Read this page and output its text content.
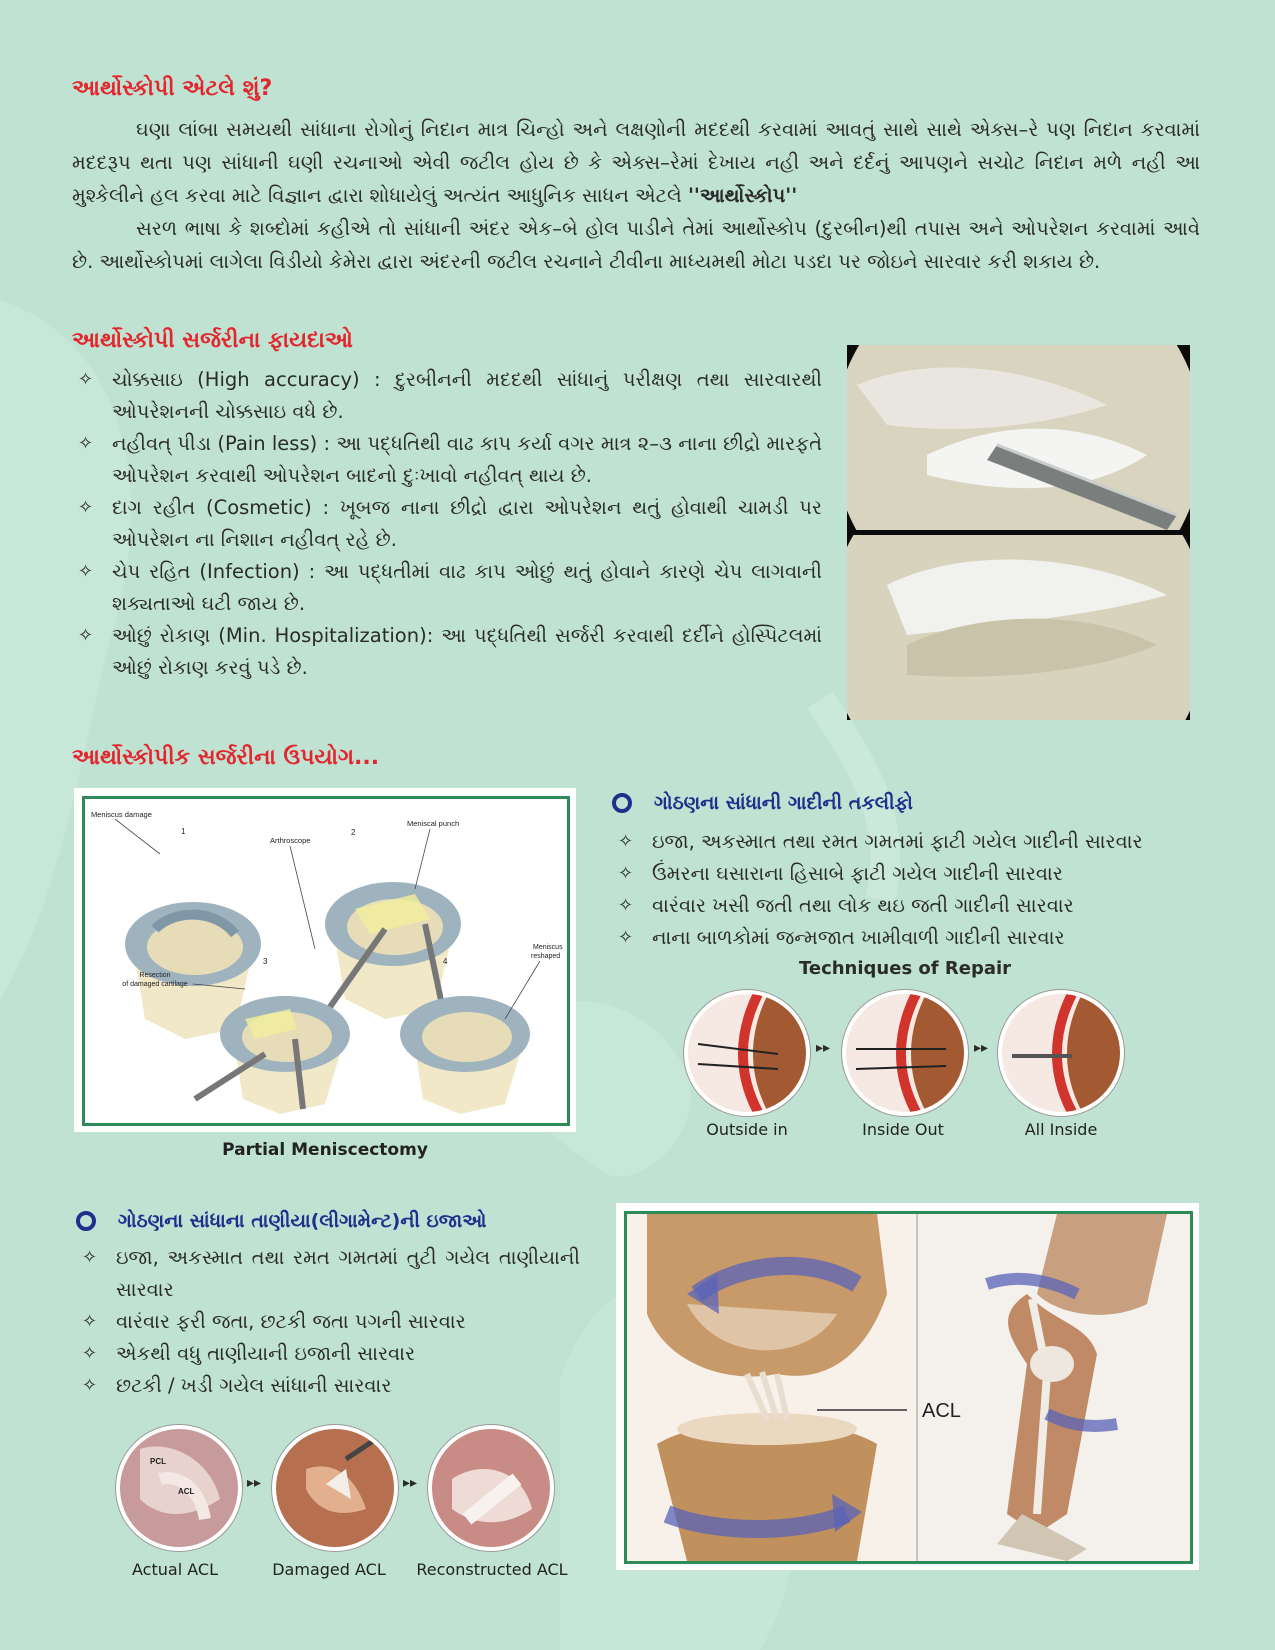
આર્થોસ્કોપી એટલે શું?

ઘણા લાંબા સમયથી સાંધાના રોગોનું નિદાન માત્ર ચિન્હો અને લક્ષણોની મદદથી કરવામાં આવતું સાથે સાથે એક્સ–રે પણ નિદાન કરવામાં મદદરૂપ થતા પણ સાંધાની ઘણી રચનાઓ એવી જટીલ હોય છે કે એક્સ–રેમાં દેખાય નહી અને દર્દનું આપણને સચોટ નિદાન મળે નહી આ મુશ્કેલીને હલ કરવા માટે વિજ્ઞાન દ્વારા શોધાયેલું અત્યંત આધુનિક સાધન એટલે ''આર્થોસ્કોપ''

સરળ ભાષા કે શબ્દોમાં કહીએ તો સાંધાની અંદર એક–બે હોલ પાડીને તેમાં આર્થોસ્કોપ (દુરબીન)થી તપાસ અને ઓપરેશન કરવામાં આવે છે. આર્થોસ્કોપમાં લાગેલા વિડીયો કેમેરા દ્વારા અંદરની જટીલ રચનાને ટીવીના માધ્યમથી મોટા પડદા પર જોઇને સારવાર કરી શકાય છે.

આર્થોસ્કોપી સર્જરીના ફાયદાઓ
✧ ચોક્કસાઇ (High accuracy) : દુરબીનની મદદથી સાંધાનું પરીક્ષણ તથા સારવારથી ઓપરેશનની ચોક્કસાઇ વધે છે.
✧ નહીવત્ પીડા (Pain less) : આ પદ્ધતિથી વાઢ કાપ કર્યા વગર માત્ર ૨–૩ નાના છીદ્રો મારફતે ઓપરેશન કરવાથી ઓપરેશન બાદનો દુઃખાવો નહીવત્ થાય છે.
✧ દાગ રહીત (Cosmetic) : ખૂબજ નાના છીદ્રો દ્વારા ઓપરેશન થતું હોવાથી ચામડી પર ઓપરેશન ના નિશાન નહીવત્ રહે છે.
✧ ચેપ રહિત (Infection) : આ પદ્ધતીમાં વાઢ કાપ ઓછું થતું હોવાને કારણે ચેપ લાગવાની શક્યતાઓ ઘટી જાય છે.
✧ ઓછું રોકાણ (Min. Hospitalization): આ પદ્ધતિથી સર્જરી કરવાથી દર્દીને હોસ્પિટલમાં ઓછું રોકાણ કરવું પડે છે.
આર્થોસ્કોપીક સર્જરીના ઉપયોગ...
Meniscus damage
1
Arthroscope
2
Meniscal punch
3
Resection
of damaged cartilage
4
Meniscus
reshaped
Partial Meniscectomy
ગોઠણના સાંધાની ગાદીની તકલીફો
✧ ઇજા, અકસ્માત તથા રમત ગમતમાં ફાટી ગયેલ ગાદીની સારવાર
✧ ઉંમરના ઘસારાના હિસાબે ફાટી ગયેલ ગાદીની સારવાર
✧ વારંવાર ખસી જતી તથા લોક થઇ જતી ગાદીની સારવાર
✧ નાના બાળકોમાં જન્મજાત ખામીવાળી ગાદીની સારવાર
Techniques of Repair
▸▸	▸▸
Outside in	Inside Out	All Inside
ગોઠણના સાંધાના તાણીયા(લીગામેન્ટ)ની ઇજાઓ
✧ ઇજા, અકસ્માત તથા રમત ગમતમાં તુટી ગયેલ તાણીયાની સારવાર
✧ વારંવાર ફરી જતા, છટકી જતા પગની સારવાર
✧ એકથી વધુ તાણીયાની ઇજાની સારવાર
✧ છટકી / ખડી ગયેલ સાંધાની સારવાર
PCL
ACL
▸▸	▸▸
Actual ACL	Damaged ACL	Reconstructed ACL
ACL
